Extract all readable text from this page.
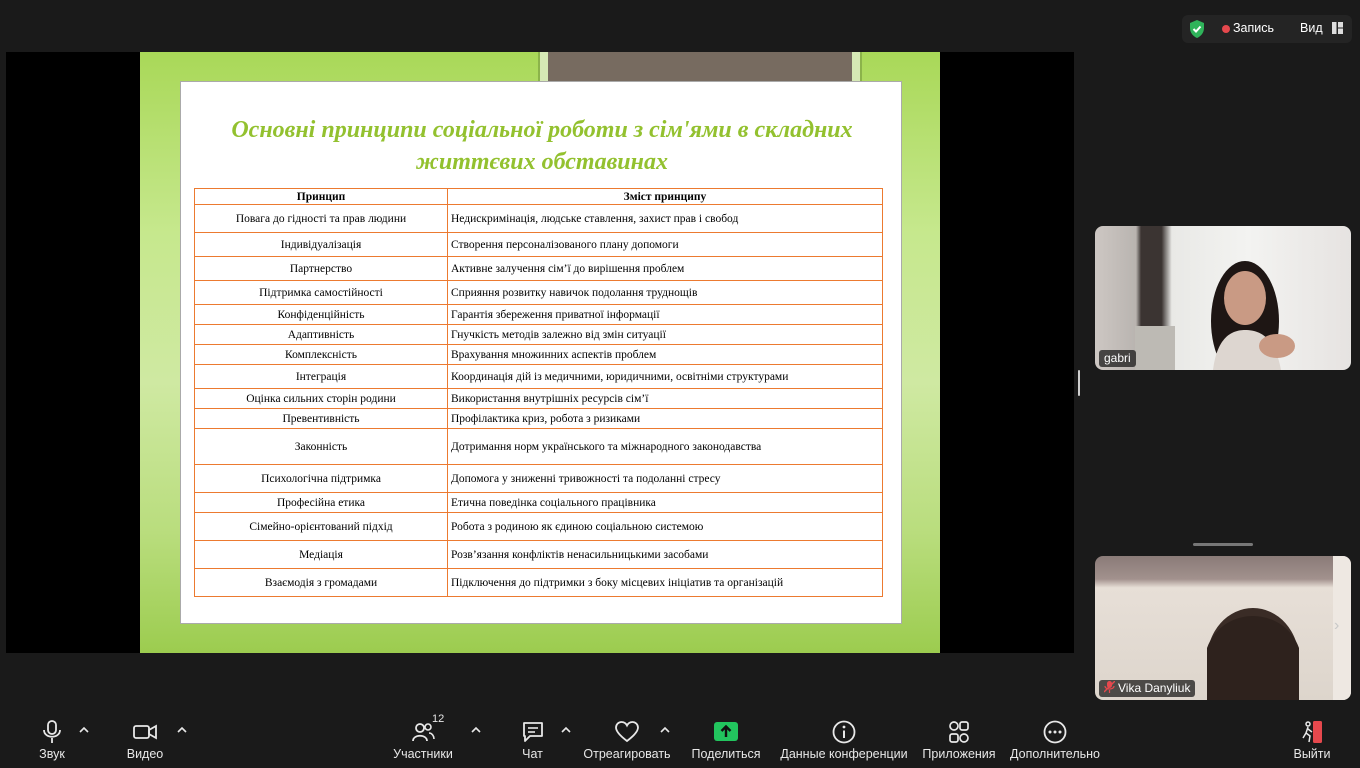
Запись Вид
Основні принципи соціальної роботи з сім'ями в складних життєвих обставинах
Принцип	Зміст принципу
Повага до гідності та прав людини	Недискримінація, людське ставлення, захист прав і свобод
Індивідуалізація	Створення персоналізованого плану допомоги
Партнерство	Активне залучення сім’ї до вирішення проблем
Підтримка самостійності	Сприяння розвитку навичок подолання труднощів
Конфіденційність	Гарантія збереження приватної інформації
Адаптивність	Гнучкість методів залежно від змін ситуації
Комплексність	Врахування множинних аспектів проблем
Інтеграція	Координація дій із медичними, юридичними, освітніми структурами
Оцінка сильних сторін родини	Використання внутрішніх ресурсів сім’ї
Превентивність	Профілактика криз, робота з ризиками
Законність	Дотримання норм українського та міжнародного законодавства
Психологічна підтримка	Допомога у зниженні тривожності та подоланні стресу
Професійна етика	Етична поведінка соціального працівника
Сімейно-орієнтований підхід	Робота з родиною як єдиною соціальною системою
Медіація	Розв’язання конфліктів ненасильницькими засобами
Взаємодія з громадами	Підключення до підтримки з боку місцевих ініціатив та організацій
gabri
Vika Danyliuk
›
Звук	Видео
12
Участники	Чат	Отреагировать Поделиться Данные конференции	Приложения	Дополнительно	Выйти
